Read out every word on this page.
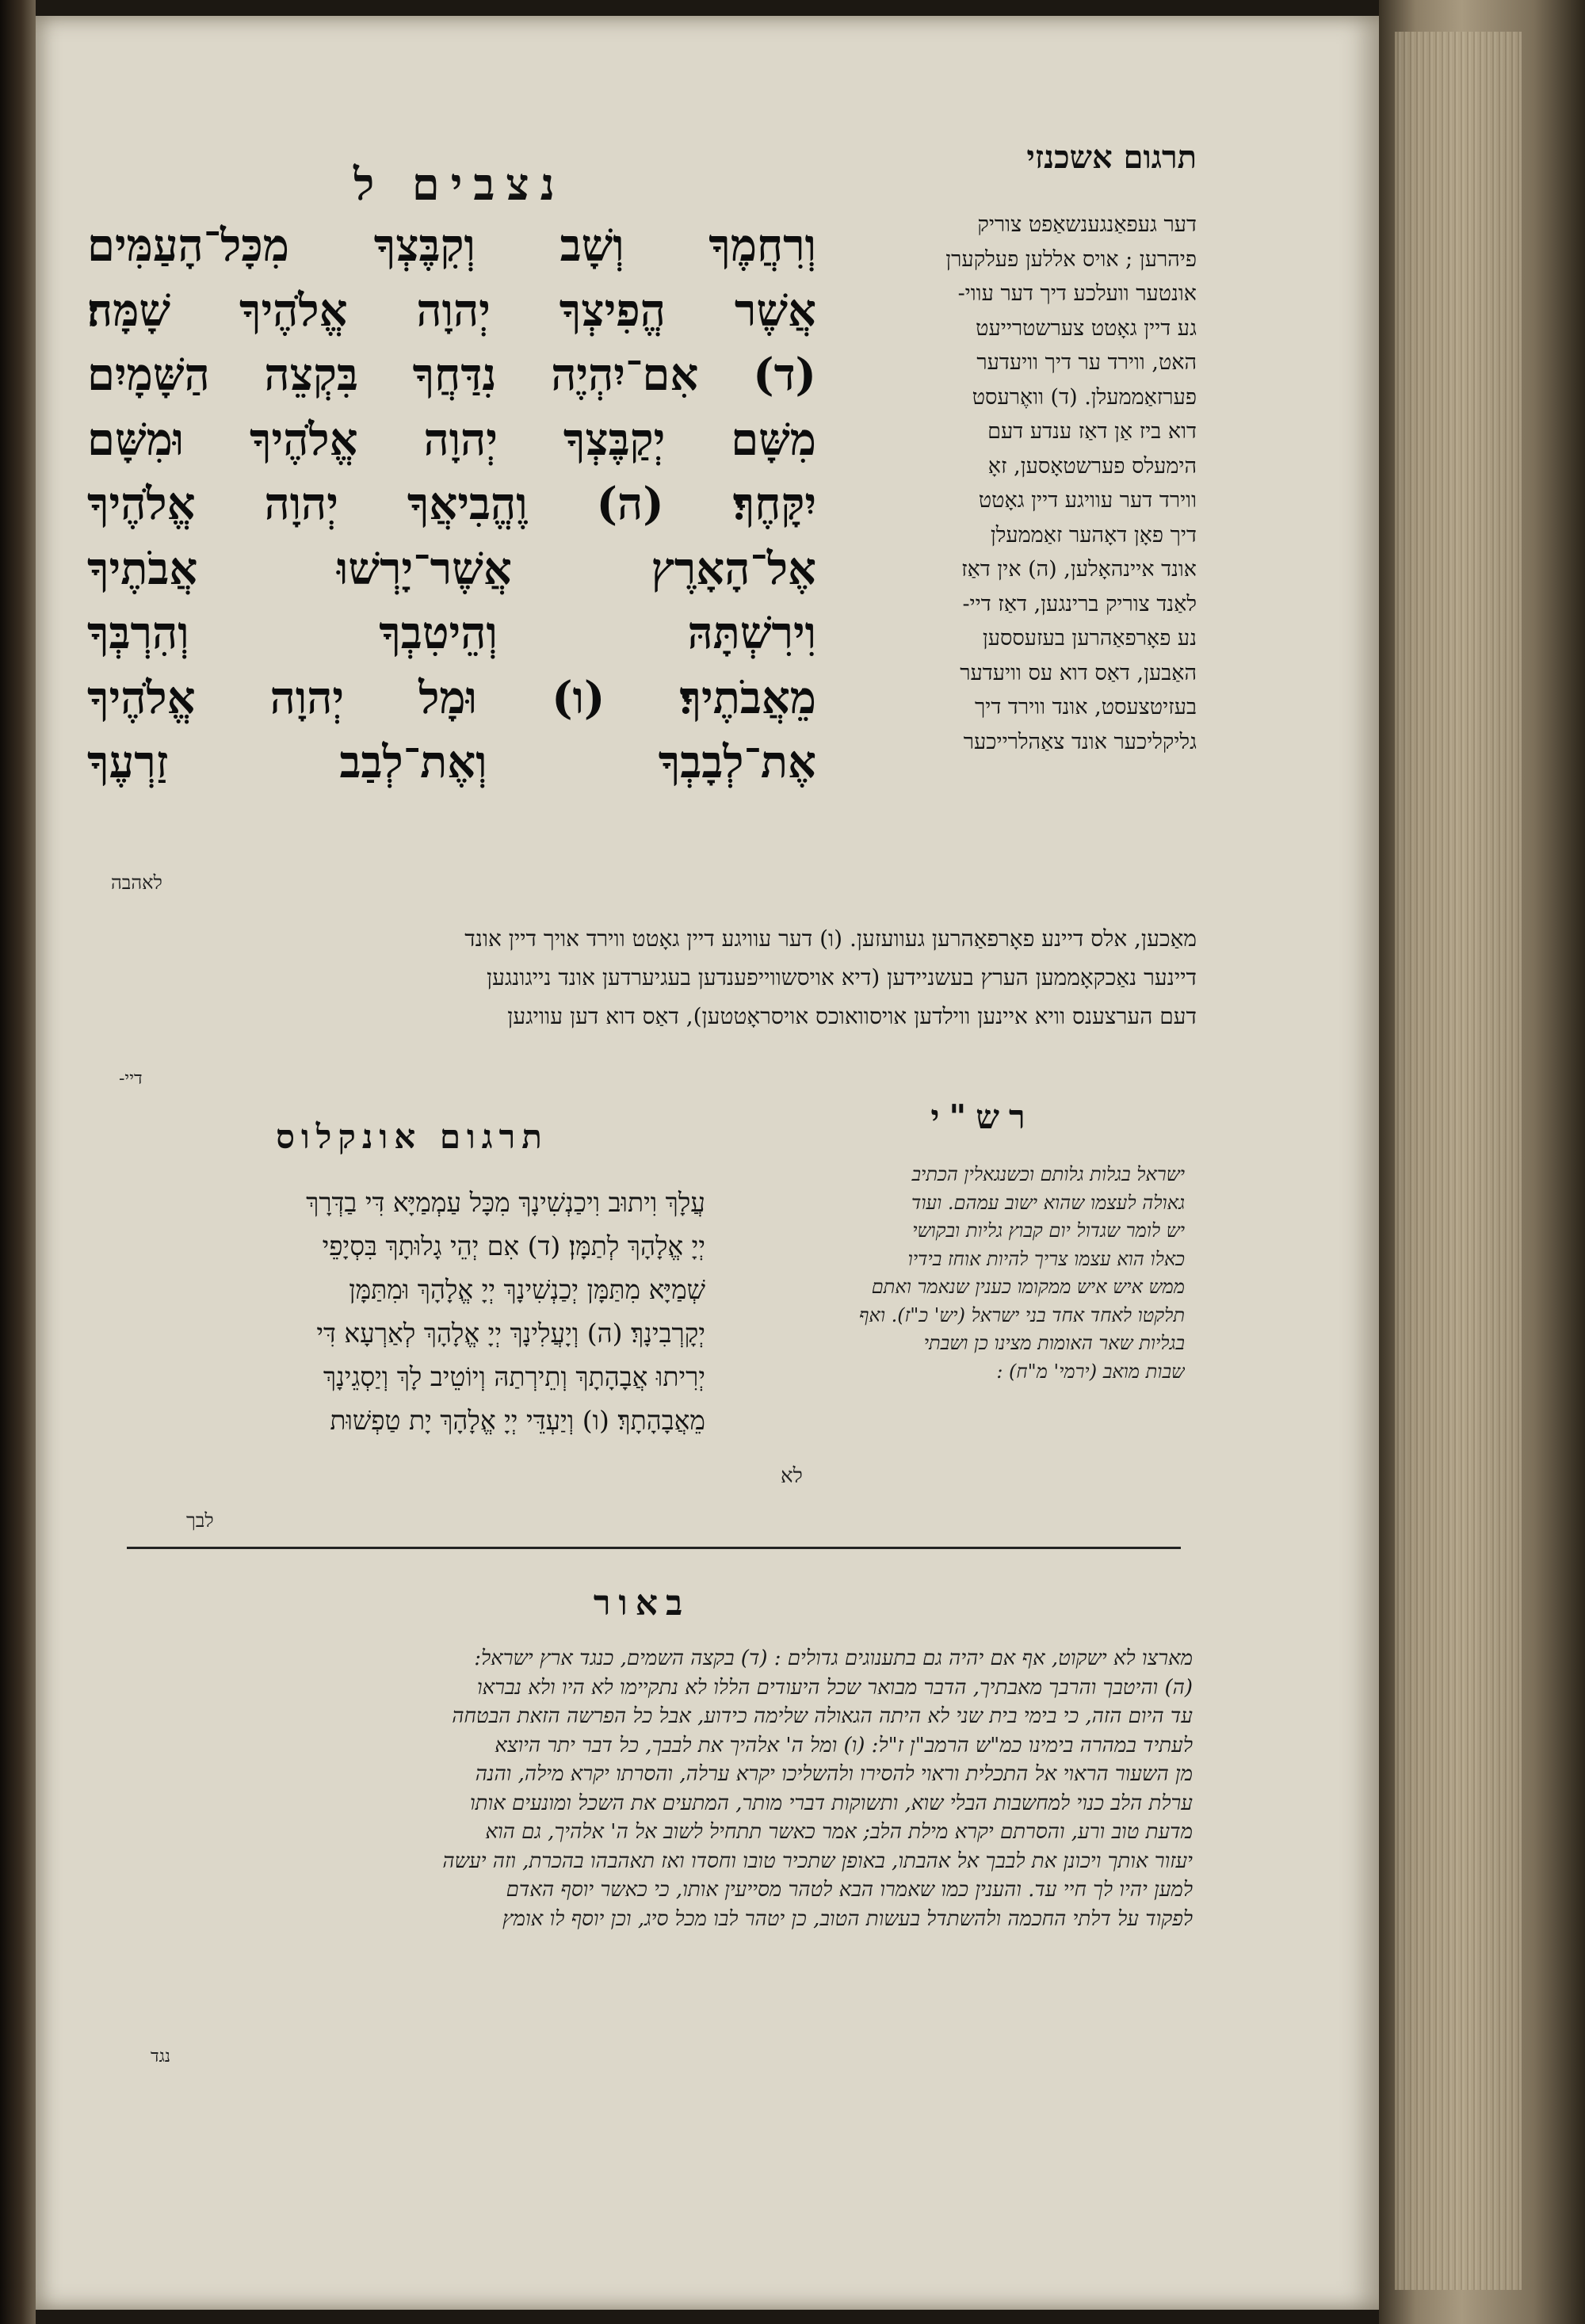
תרגום אשכנזי
נצבים ל
וְרִחֲמֶךָ וְשָׁב וְקִבֶּצְךָ מִכָּל־הָעַמִּים
אֲשֶׁר הֱפִיצְךָ יְהוָה אֱלֹהֶיךָ שָׁמָּה׃
(ד) אִם־יִהְיֶה נִדַּחֲךָ בִּקְצֵה הַשָּׁמָיִם
מִשָּׁם יְקַבֶּצְךָ יְהוָה אֱלֹהֶיךָ וּמִשָּׁם
יִקָּחֶךָ׃ (ה) וֶהֱבִיאֲךָ יְהוָה אֱלֹהֶיךָ
אֶל־הָאָרֶץ אֲשֶׁר־יָרְשׁוּ אֲבֹתֶיךָ
וִירִשְׁתָּהּ וְהֵיטִבְךָ וְהִרְבְּךָ
מֵאֲבֹתֶיךָ׃ (ו) וּמָל יְהוָה אֱלֹהֶיךָ
אֶת־לְבָבְךָ וְאֶת־לְבַב זַרְעֶךָ
לאהבה
דער געפאַנגענשאַפט צוריק
פיהרען ; אויס אללען פעלקערן
אונטער וועלכע דיך דער עווי-
גע דיין גאָטט צערשטרייעט
האט, ווירד ער דיך וויעדער
פערזאַממעלן. (ד) וואֶרעסט
דוא ביז אַן דאַז ענדע דעם
הימעלס פערשטאָסען, זאָ
ווירד דער עוויגע דיין גאָטט
דיך פאָן דאָהער זאַממעלן
אונד איינהאָלען, (ה) אין דאַז
לאַנד צוריק ברינגען, דאַז דיי-
נע פאָרפאַהרען בעזעססען
האַבען, דאַס דוא עס וויעדער
בעזיטצעסט, אונד ווירד דיך
גליקליכער אונד צאַהלרייכער
מאַכען, אלס דיינע פאָרפאַהרען געוועזען. (ו) דער עוויגע דיין גאָטט ווירד אויך דיין אונד
דיינער נאַכקאָממען הערץ בעשניידען (דיא אויסשווייפענדען בעגיערדען אונד נייגונגען
דעם הערצענס וויא איינען ווילדען אויסוואוכס אויסראָטטען), דאַס דוא דען עוויגען
דיי-
רש"י
ישראל בגלות גלותם וכשנגאלין הכתיב
גאולה לעצמו שהוא ישוב עמהם. ועוד
יש לומר שגדול יום קבוץ גליות ובקושי
כאלו הוא עצמו צריך להיות אוחז בידיו
ממש איש איש ממקומו כענין שנאמר ואתם
תלקטו לאחד אחד בני ישראל (יש' כ"ז). ואף
בגליות שאר האומות מצינו כן ושבתי
שבות מואב (ירמי' מ"ח) :
לא
תרגום אונקלוס
עֲלָךְ וִיתוּב וִיכַנְשִׁינָךְ מִכָּל עַמְמַיָּא דִּי בַדְּרָךְ
יְיָ אֱלָהָךְ לְתַמָּן׃ (ד) אִם יְהֵי גָלוּתָךְ בִּסְיָפֵי
שְׁמַיָּא מִתַּמָּן יְכַנְשִׁינָךְ יְיָ אֱלָהָךְ וּמִתַּמָּן
יְקָרְבִינָךְ׃ (ה) וְיָעֲלִינָךְ יְיָ אֱלָהָךְ לְאַרְעָא דִּי
יְרִיתוּ אֲבָהָתָךְ וְתֵירְתַהּ וְיוֹטֵיב לָךְ וְיַסְגֵינָךְ
מֵאֲבָהָתָךְ׃ (ו) וְיַעְדֵּי יְיָ אֱלָהָךְ יָת טַפְשׁוּת
לבך
באור
מארצו לא ישקוט, אף אם יהיה גם בתענוגים גדולים : (ד) בקצה השמים, כנגד ארץ ישראל:
(ה) והיטבך והרבך מאבתיך, הדבר מבואר שכל היעודים הללו לא נתקיימו לא היו ולא נבראו
עד היום הזה, כי בימי בית שני לא היתה הגאולה שלימה כידוע, אבל כל הפרשה הזאת הבטחה
לעתיד במהרה בימינו כמ"ש הרמב"ן ז"ל: (ו) ומל ה' אלהיך את לבבך, כל דבר יתר היוצא
מן השעור הראוי אל התכלית וראוי להסירו ולהשליכו יקרא ערלה, והסרתו יקרא מילה, והנה
ערלת הלב כנוי למחשבות הבלי שוא, ותשוקות דברי מותר, המתעים את השכל ומונעים אותו
מדעת טוב ורע, והסרתם יקרא מילת הלב; אמר כאשר תתחיל לשוב אל ה' אלהיך, גם הוא
יעזור אותך ויכונן את לבבך אל אהבתו, באופן שתכיר טובו וחסדו ואז תאהבהו בהכרת, וזה יעשה
למען יהיו לך חיי עד. והענין כמו שאמרו הבא לטהר מסייעין אותו, כי כאשר יוסף האדם
לפקוד על דלתי החכמה ולהשתדל בעשות הטוב, כן יטהר לבו מכל סיג, וכן יוסף לו אומץ
נגד
